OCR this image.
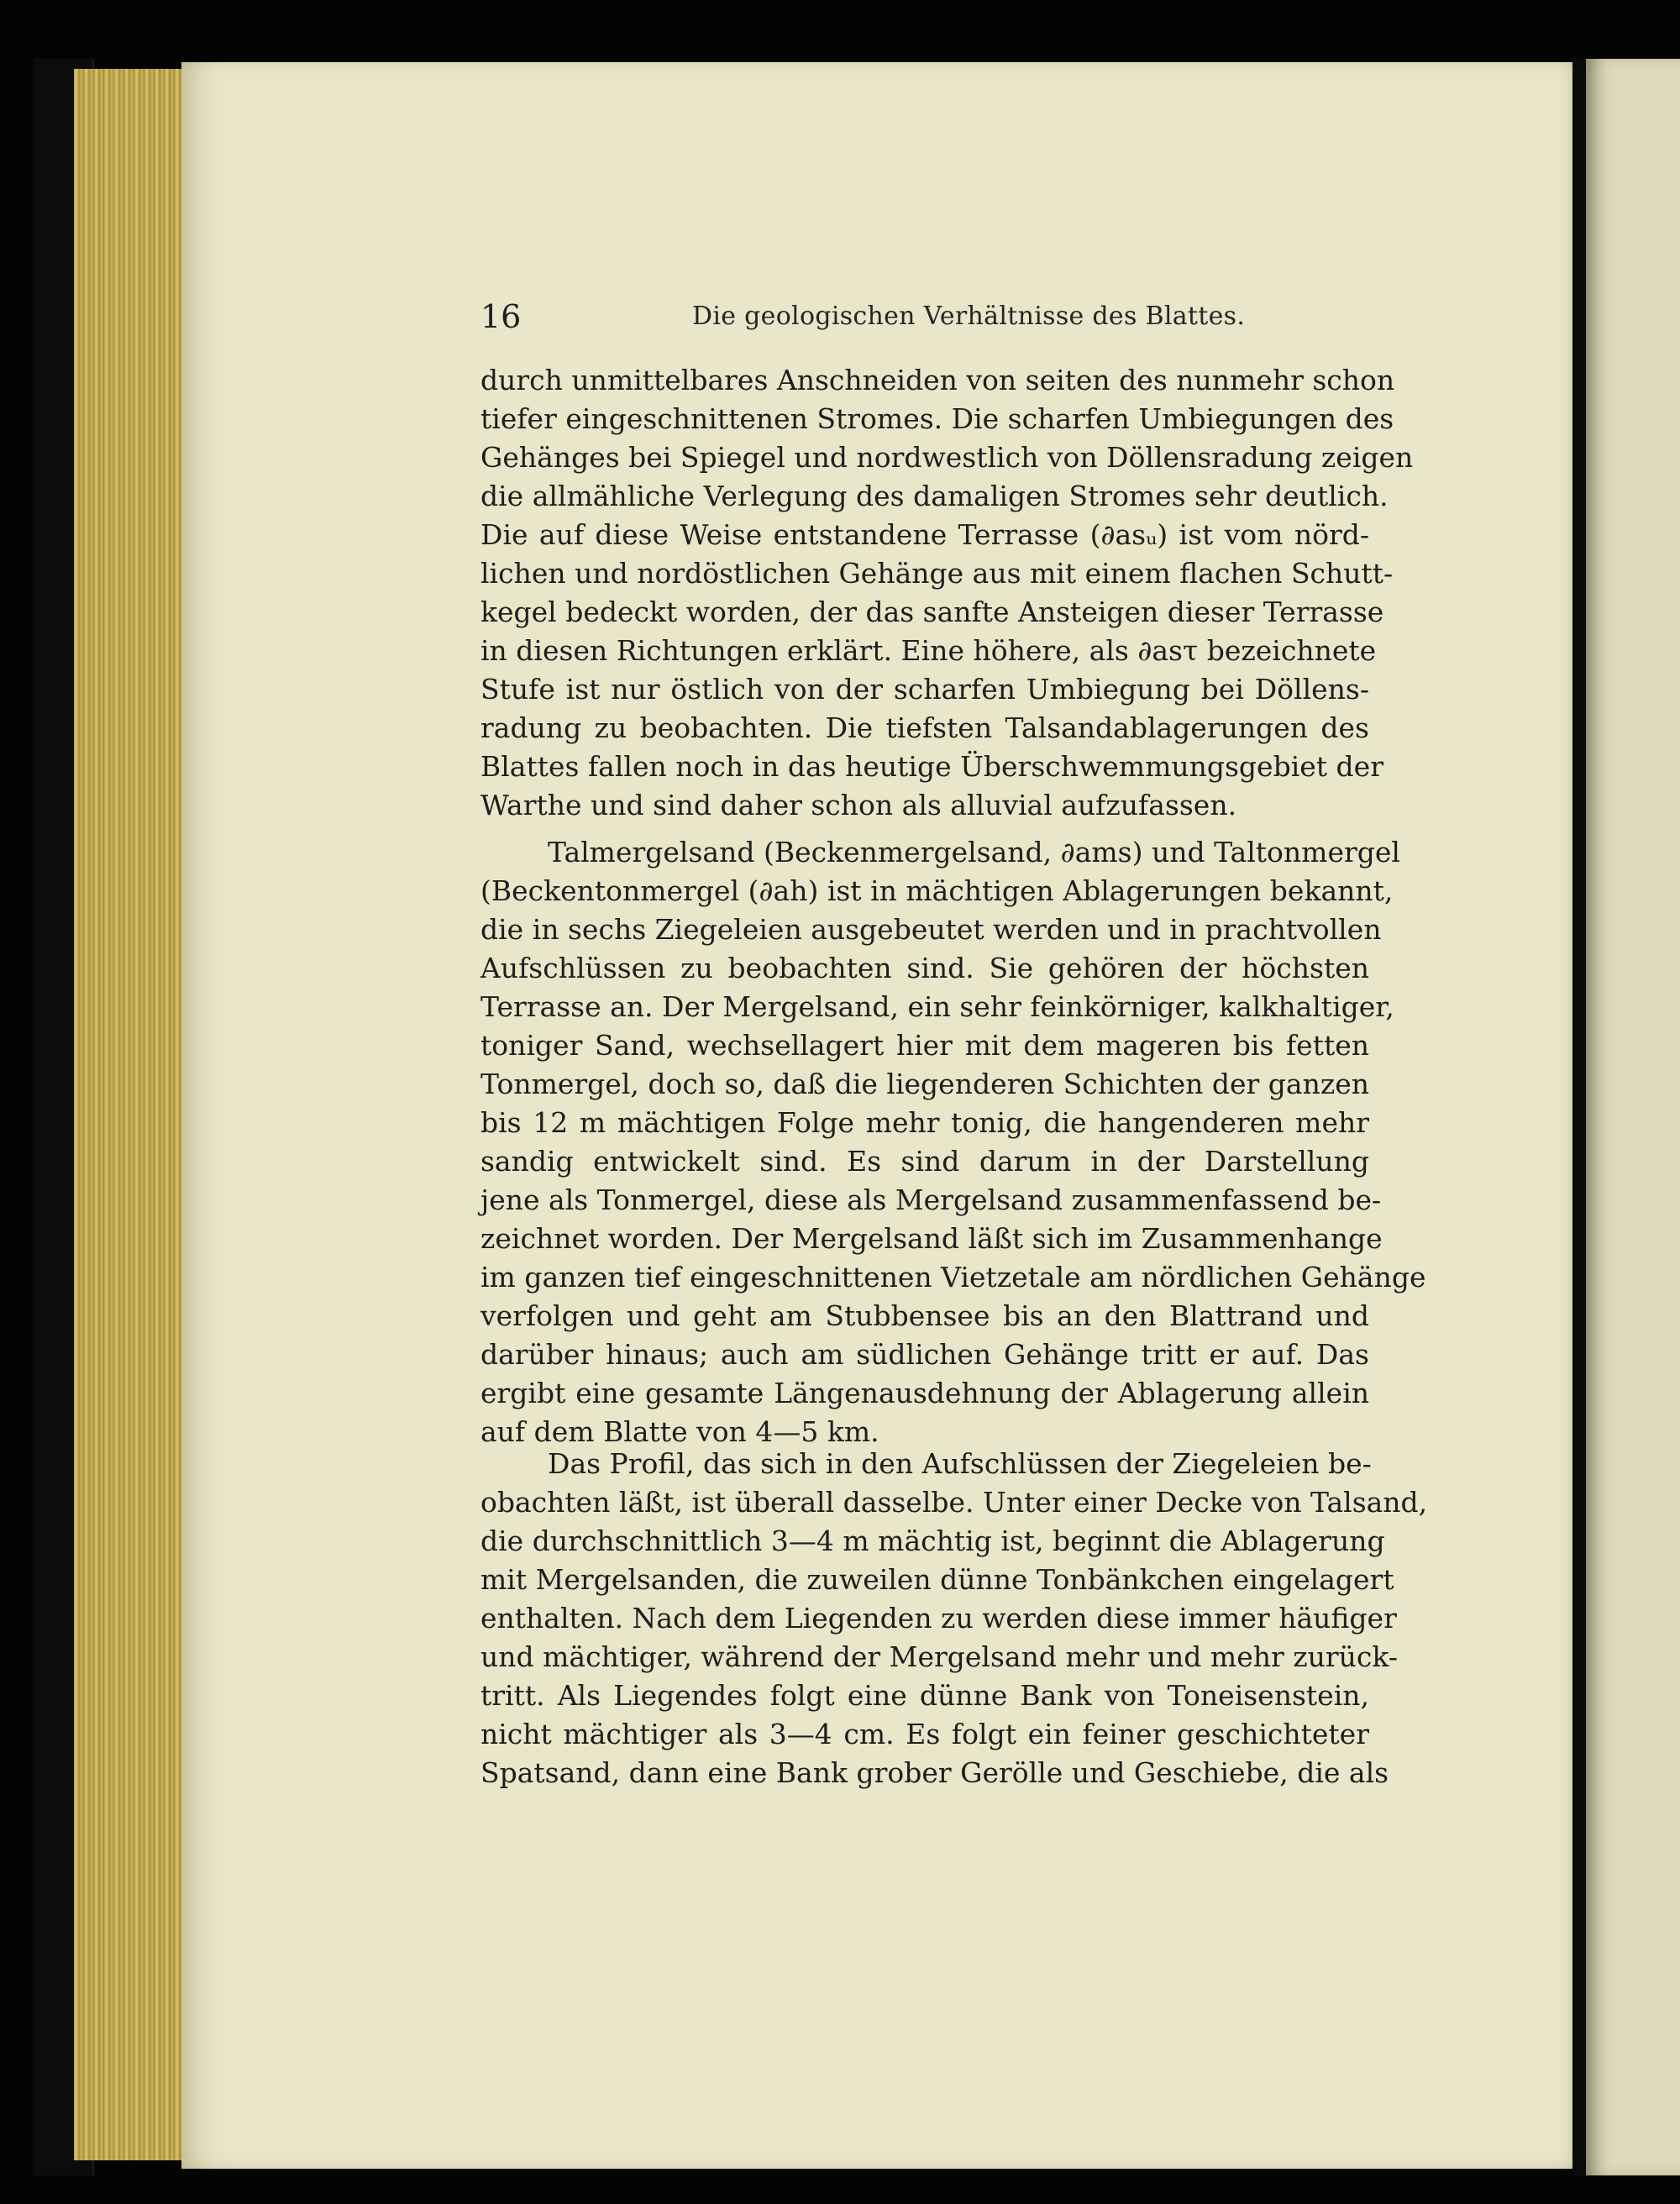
16	Die geologischen Verhältnisse des Blattes.
durch unmittelbares Anschneiden von seiten des nunmehr schon
tiefer eingeschnittenen Stromes. Die scharfen Umbiegungen des
Gehänges bei Spiegel und nordwestlich von Döllensradung zeigen
die allmähliche Verlegung des damaligen Stromes sehr deutlich.
Die auf diese Weise entstandene Terrasse (∂asᵤ) ist vom nörd-
lichen und nordöstlichen Gehänge aus mit einem flachen Schutt-
kegel bedeckt worden, der das sanfte Ansteigen dieser Terrasse
in diesen Richtungen erklärt. Eine höhere, als ∂asτ bezeichnete
Stufe ist nur östlich von der scharfen Umbiegung bei Döllens-
radung zu beobachten. Die tiefsten Talsandablagerungen des
Blattes fallen noch in das heutige Überschwemmungsgebiet der
Warthe und sind daher schon als alluvial aufzufassen.
Talmergelsand (Beckenmergelsand, ∂ams) und Taltonmergel
(Beckentonmergel (∂ah) ist in mächtigen Ablagerungen bekannt,
die in sechs Ziegeleien ausgebeutet werden und in prachtvollen
Aufschlüssen zu beobachten sind. Sie gehören der höchsten
Terrasse an. Der Mergelsand, ein sehr feinkörniger, kalkhaltiger,
toniger Sand, wechsellagert hier mit dem mageren bis fetten
Tonmergel, doch so, daß die liegenderen Schichten der ganzen
bis 12 m mächtigen Folge mehr tonig, die hangenderen mehr
sandig entwickelt sind. Es sind darum in der Darstellung
jene als Tonmergel, diese als Mergelsand zusammenfassend be-
zeichnet worden. Der Mergelsand läßt sich im Zusammenhange
im ganzen tief eingeschnittenen Vietzetale am nördlichen Gehänge
verfolgen und geht am Stubbensee bis an den Blattrand und
darüber hinaus; auch am südlichen Gehänge tritt er auf. Das
ergibt eine gesamte Längenausdehnung der Ablagerung allein
auf dem Blatte von 4—5 km.
Das Profil, das sich in den Aufschlüssen der Ziegeleien be-
obachten läßt, ist überall dasselbe. Unter einer Decke von Talsand,
die durchschnittlich 3—4 m mächtig ist, beginnt die Ablagerung
mit Mergelsanden, die zuweilen dünne Tonbänkchen eingelagert
enthalten. Nach dem Liegenden zu werden diese immer häufiger
und mächtiger, während der Mergelsand mehr und mehr zurück-
tritt. Als Liegendes folgt eine dünne Bank von Toneisenstein,
nicht mächtiger als 3—4 cm. Es folgt ein feiner geschichteter
Spatsand, dann eine Bank grober Gerölle und Geschiebe, die als
